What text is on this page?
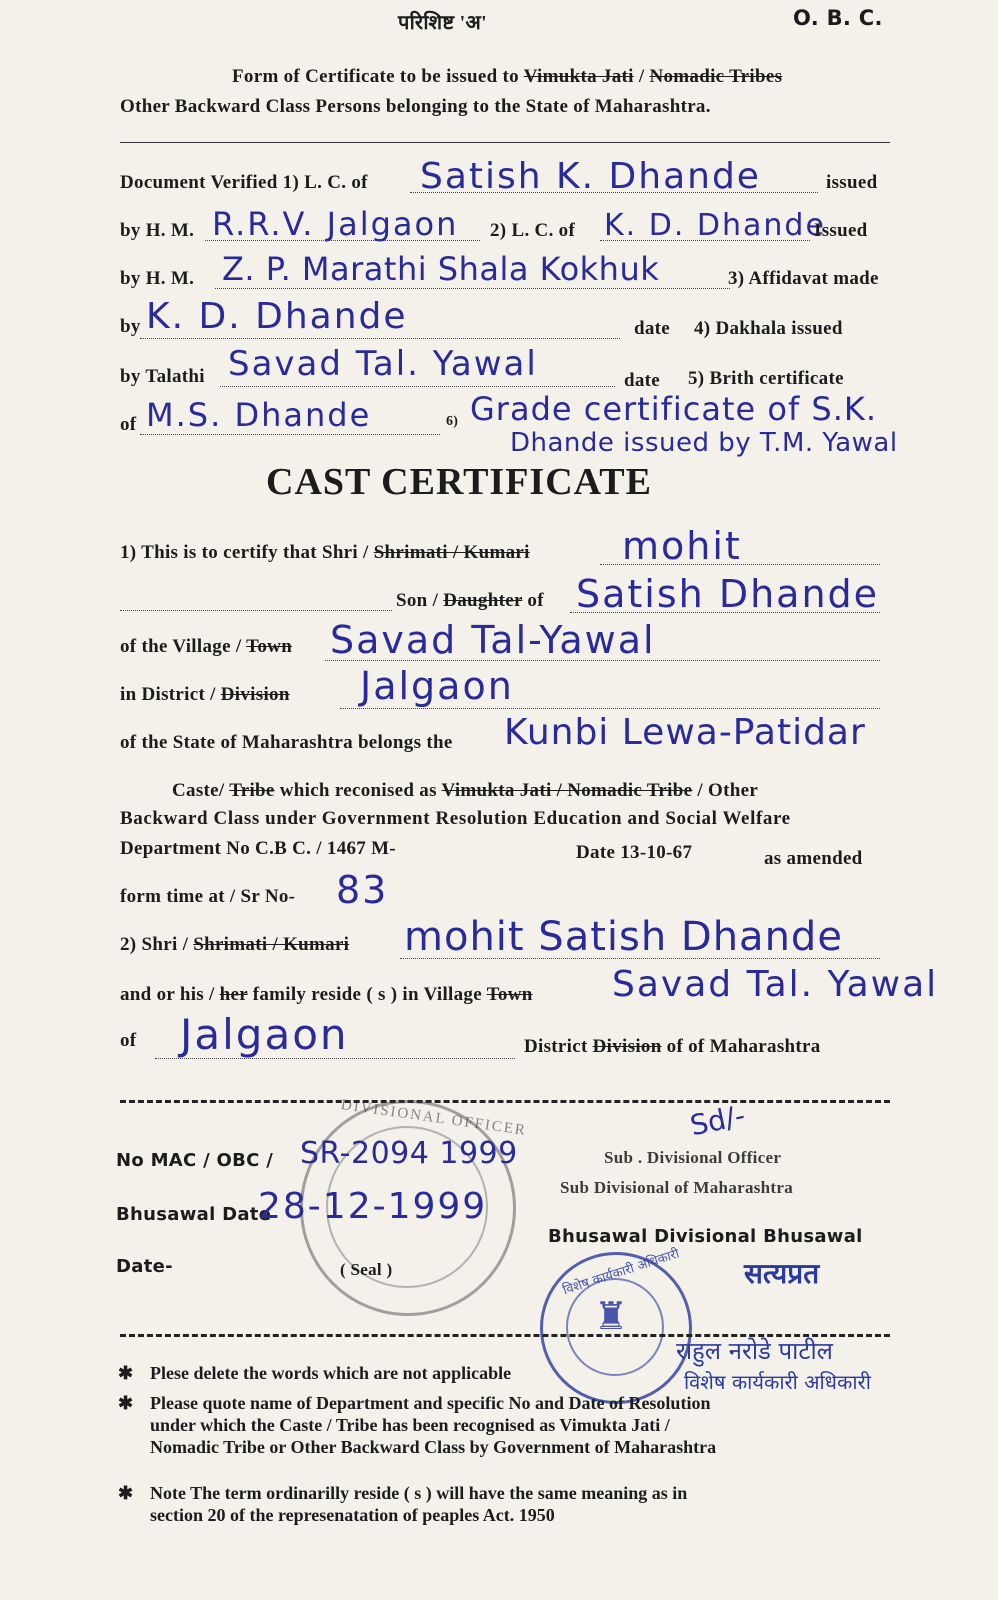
परिशिष्ट 'अ'	O. B. C.
Form of Certificate to be issued to Vimukta Jati / Nomadic Tribes
Other Backward Class Persons belonging to the State of Maharashtra.
Document Verified 1) L. C. of Satish K. Dhande	issued
by H. M. R.R.V. Jalgaon 2) L. C. of K. D. Dhande
Issued
by H. M. Z. P. Marathi Shala Kokhuk	3) Affidavat made
by K. D. Dhande	date 4) Dakhala issued
by Talathi Savad Tal. Yawal	date 5) Brith certificate
of M.S. Dhande	6) Grade certificate of S.K.
Dhande issued by T.M. Yawal
CAST CERTIFICATE
1) This is to certify that Shri / Shrimati / Kumari mohit
Son / Daughter of Satish Dhande
of the Village / Town Savad Tal-Yawal
in District / Division Jalgaon
of the State of Maharashtra belongs the Kunbi Lewa-Patidar
Caste/ Tribe which reconised as Vimukta Jati / Nomadic Tribe / Other
Backward Class under Government Resolution Education and Social Welfare
Department No C.B C. / 1467 M-	Date 13-10-67	as amended
form time at / Sr No- 83
2) Shri / Shrimati / Kumari mohit Satish Dhande
and or his / her family reside ( s ) in Village Town Savad Tal. Yawal
of Jalgaon	District Division of of Maharashtra
DIVISIONAL OFFICER
No MAC / OBC / SR-2094 1999
Bhusawal Date
28-12-1999
Date-	( Seal )
Sd/-
Sub . Divisional Officer
Sub Divisional of Maharashtra
Bhusawal Divisional Bhusawal
विशेष कार्यकारी अधिकारी
♜
सत्यप्रत
राहुल नरोडे पाटील
विशेष कार्यकारी अधिकारी
✱ Plese delete the words which are not applicable
✱ Please quote name of Department and specific No and Date of Resolution
under which the Caste / Tribe has been recognised as Vimukta Jati /
Nomadic Tribe or Other Backward Class by Government of Maharashtra
✱ Note The term ordinarilly reside ( s ) will have the same meaning as in
section 20 of the represenatation of peaples Act. 1950
